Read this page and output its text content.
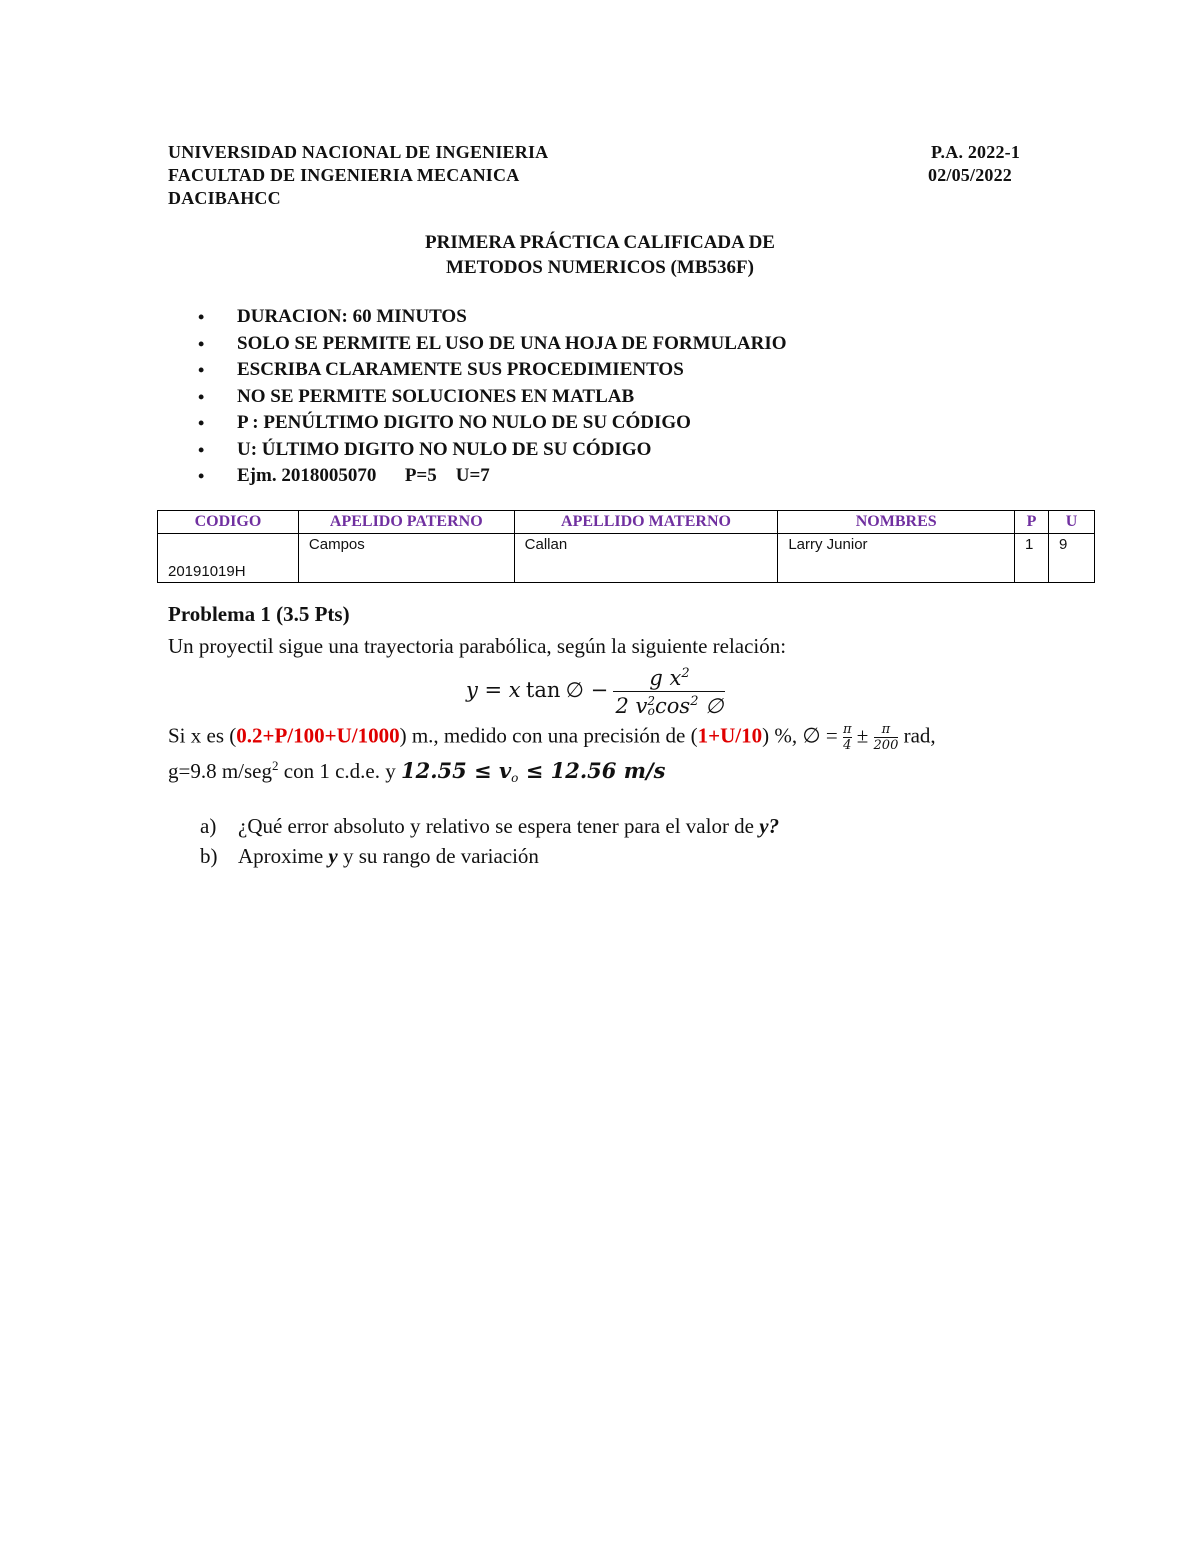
UNIVERSIDAD NACIONAL DE INGENIERIA
FACULTAD DE INGENIERIA MECANICA
DACIBAHCC
P.A. 2022-1
02/05/2022
PRIMERA PRÁCTICA CALIFICADA DE
METODOS NUMERICOS (MB536F)
• DURACION: 60 MINUTOS
• SOLO SE PERMITE EL USO DE UNA HOJA DE FORMULARIO
• ESCRIBA CLARAMENTE SUS PROCEDIMIENTOS
• NO SE PERMITE SOLUCIONES EN MATLAB
• P : PENÚLTIMO DIGITO NO NULO DE SU CÓDIGO
• U: ÚLTIMO DIGITO NO NULO DE SU CÓDIGO
• Ejm. 2018005070      P=5    U=7
CODIGO	APELIDO PATERNO	APELLIDO MATERNO	NOMBRES	P	U
20191019H	Campos	Callan	Larry Junior	1	9
Problema 1 (3.5 Pts)
Un proyectil sigue una trayectoria parabólica, según la siguiente relación:
y = x tan ∅ − g $x^2$
2 v 2
o $\cos^2$ ∅
Si x es (0.2+P/100+U/1000) m., medido con una precisión de (1+U/10) %, ∅ = $\frac{\pi}{4} \pm \frac{\pi}{200}$ rad,
g=9.8 m/seg$^2$ con 1 c.d.e. y $12.55 \le v_o \le 12.56$ m/s
a) ¿Qué error absoluto y relativo se espera tener para el valor de y?
b) Aproxime y y su rango de variación
